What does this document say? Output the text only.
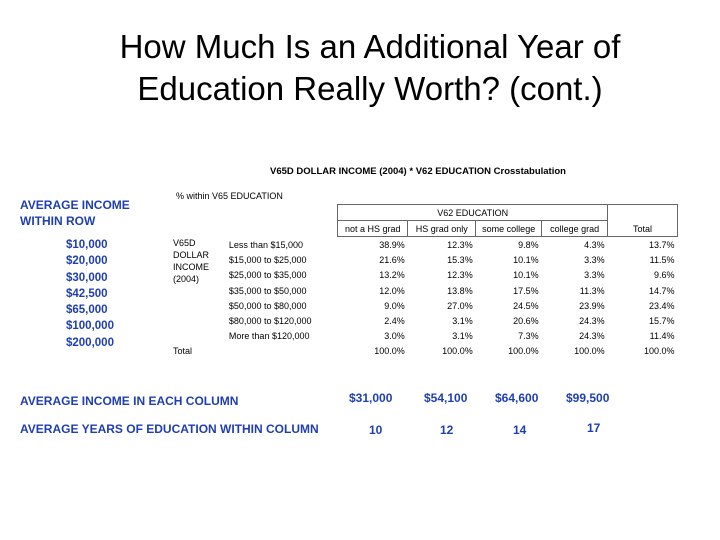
How Much Is an Additional Year of
Education Really Worth? (cont.)
AVERAGE INCOME
WITHIN ROW
$10,000
$20,000
$30,000
$42,500
$65,000
$100,000
$200,000
V65D DOLLAR INCOME (2004) * V62 EDUCATION Crosstabulation
% within V65 EDUCATION
		V62 EDUCATION				
		not a HS grad	HS grad only	some college	college grad	Total

V65D
DOLLAR
INCOME
(2004)	Less than $15,000	38.9%	12.3%	9.8%	4.3%	13.7%
	$15,000 to $25,000	21.6%	15.3%	10.1%	3.3%	11.5%
	$25,000 to $35,000	13.2%	12.3%	10.1%	3.3%	9.6%
	$35,000 to $50,000	12.0%	13.8%	17.5%	11.3%	14.7%
	$50,000 to $80,000	9.0%	27.0%	24.5%	23.9%	23.4%
	$80,000 to $120,000	2.4%	3.1%	20.6%	24.3%	15.7%
	More than $120,000	3.0%	3.1%	7.3%	24.3%	11.4%
Total		100.0%	100.0%	100.0%	100.0%	100.0%
AVERAGE INCOME IN EACH COLUMN	$31,000	$54,100 $64,600 $99,500
AVERAGE YEARS OF EDUCATION WITHIN COLUMN	10	12	14	17
